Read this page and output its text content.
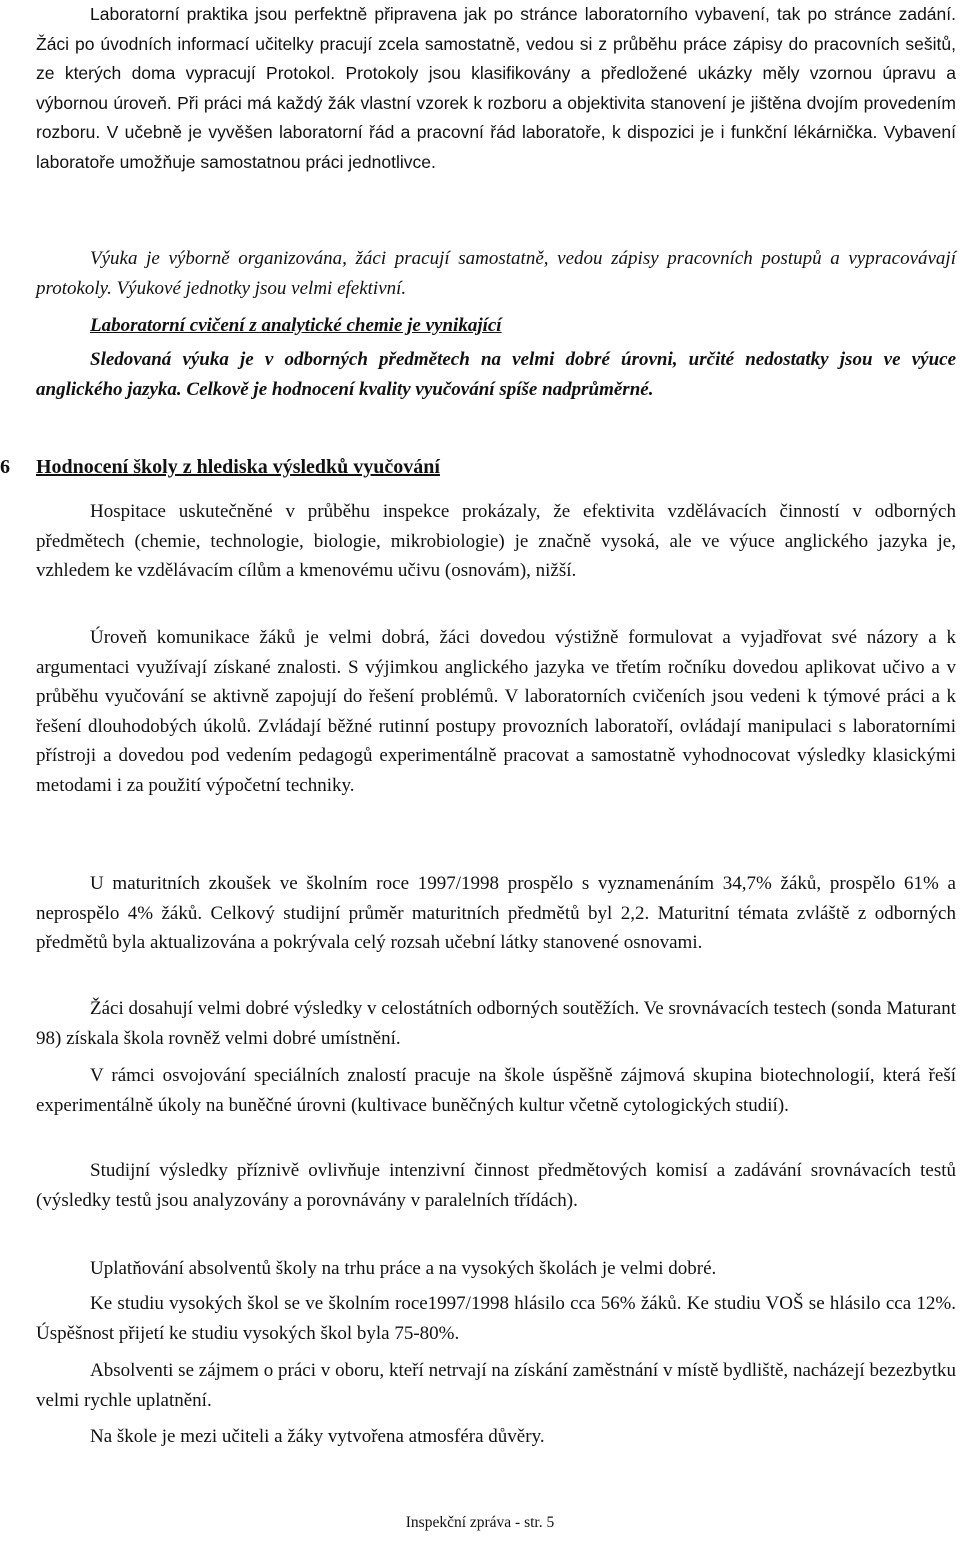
Laboratorní praktika jsou perfektně připravena jak po stránce laboratorního vybavení, tak po stránce zadání. Žáci po úvodních informací učitelky pracují zcela samostatně, vedou si z průběhu práce zápisy do pracovních sešitů, ze kterých doma vypracují Protokol. Protokoly jsou klasifikovány a předložené ukázky měly vzornou úpravu a výbornou úroveň. Při práci má každý žák vlastní vzorek k rozboru a objektivita stanovení je jištěna dvojím provedením rozboru. V učebně je vyvěšen laboratorní řád a pracovní řád laboratoře, k dispozici je i funkční lékárnička. Vybavení laboratoře umožňuje samostatnou práci jednotlivce.

Výuka je výborně organizována, žáci pracují samostatně, vedou zápisy pracovních postupů a vypracovávají protokoly. Výukové jednotky jsou velmi efektivní.

Laboratorní cvičení z analytické chemie je vynikající

Sledovaná výuka je v odborných předmětech na velmi dobré úrovni, určité nedostatky jsou ve výuce anglického jazyka. Celkově je hodnocení kvality vyučování spíše nadprůměrné.

6 Hodnocení školy z hlediska výsledků vyučování

Hospitace uskutečněné v průběhu inspekce prokázaly, že efektivita vzdělávacích činností v odborných předmětech (chemie, technologie, biologie, mikrobiologie) je značně vysoká, ale ve výuce anglického jazyka je, vzhledem ke vzdělávacím cílům a kmenovému učivu (osnovám), nižší.

Úroveň komunikace žáků je velmi dobrá, žáci dovedou výstižně formulovat a vyjadřovat své názory a k argumentaci využívají získané znalosti. S výjimkou anglického jazyka ve třetím ročníku dovedou aplikovat učivo a v průběhu vyučování se aktivně zapojují do řešení problémů. V laboratorních cvičeních jsou vedeni k týmové práci a k řešení dlouhodobých úkolů. Zvládají běžné rutinní postupy provozních laboratoří, ovládají manipulaci s laboratorními přístroji a dovedou pod vedením pedagogů experimentálně pracovat a samostatně vyhodnocovat výsledky klasickými metodami i za použití výpočetní techniky.

U maturitních zkoušek ve školním roce 1997/1998 prospělo s vyznamenáním 34,7% žáků, prospělo 61% a neprospělo 4% žáků. Celkový studijní průměr maturitních předmětů byl 2,2. Maturitní témata zvláště z odborných předmětů byla aktualizována a pokrývala celý rozsah učební látky stanovené osnovami.

Žáci dosahují velmi dobré výsledky v celostátních odborných soutěžích. Ve srovnávacích testech (sonda Maturant 98) získala škola rovněž velmi dobré umístnění.

V rámci osvojování speciálních znalostí pracuje na škole úspěšně zájmová skupina biotechnologií, která řeší experimentálně úkoly na buněčné úrovni (kultivace buněčných kultur včetně cytologických studií).

Studijní výsledky příznivě ovlivňuje intenzivní činnost předmětových komisí a zadávání srovnávacích testů (výsledky testů jsou analyzovány a porovnávány v paralelních třídách).

Uplatňování absolventů školy na trhu práce a na vysokých školách je velmi dobré.

Ke studiu vysokých škol se ve školním roce1997/1998 hlásilo cca 56% žáků. Ke studiu VOŠ se hlásilo cca 12%. Úspěšnost přijetí ke studiu vysokých škol byla 75-80%.

Absolventi se zájmem o práci v oboru, kteří netrvají na získání zaměstnání v místě bydliště, nacházejí bezezbytku velmi rychle uplatnění.

Na škole je mezi učiteli a žáky vytvořena atmosféra důvěry.

Inspekční zpráva - str. 5
